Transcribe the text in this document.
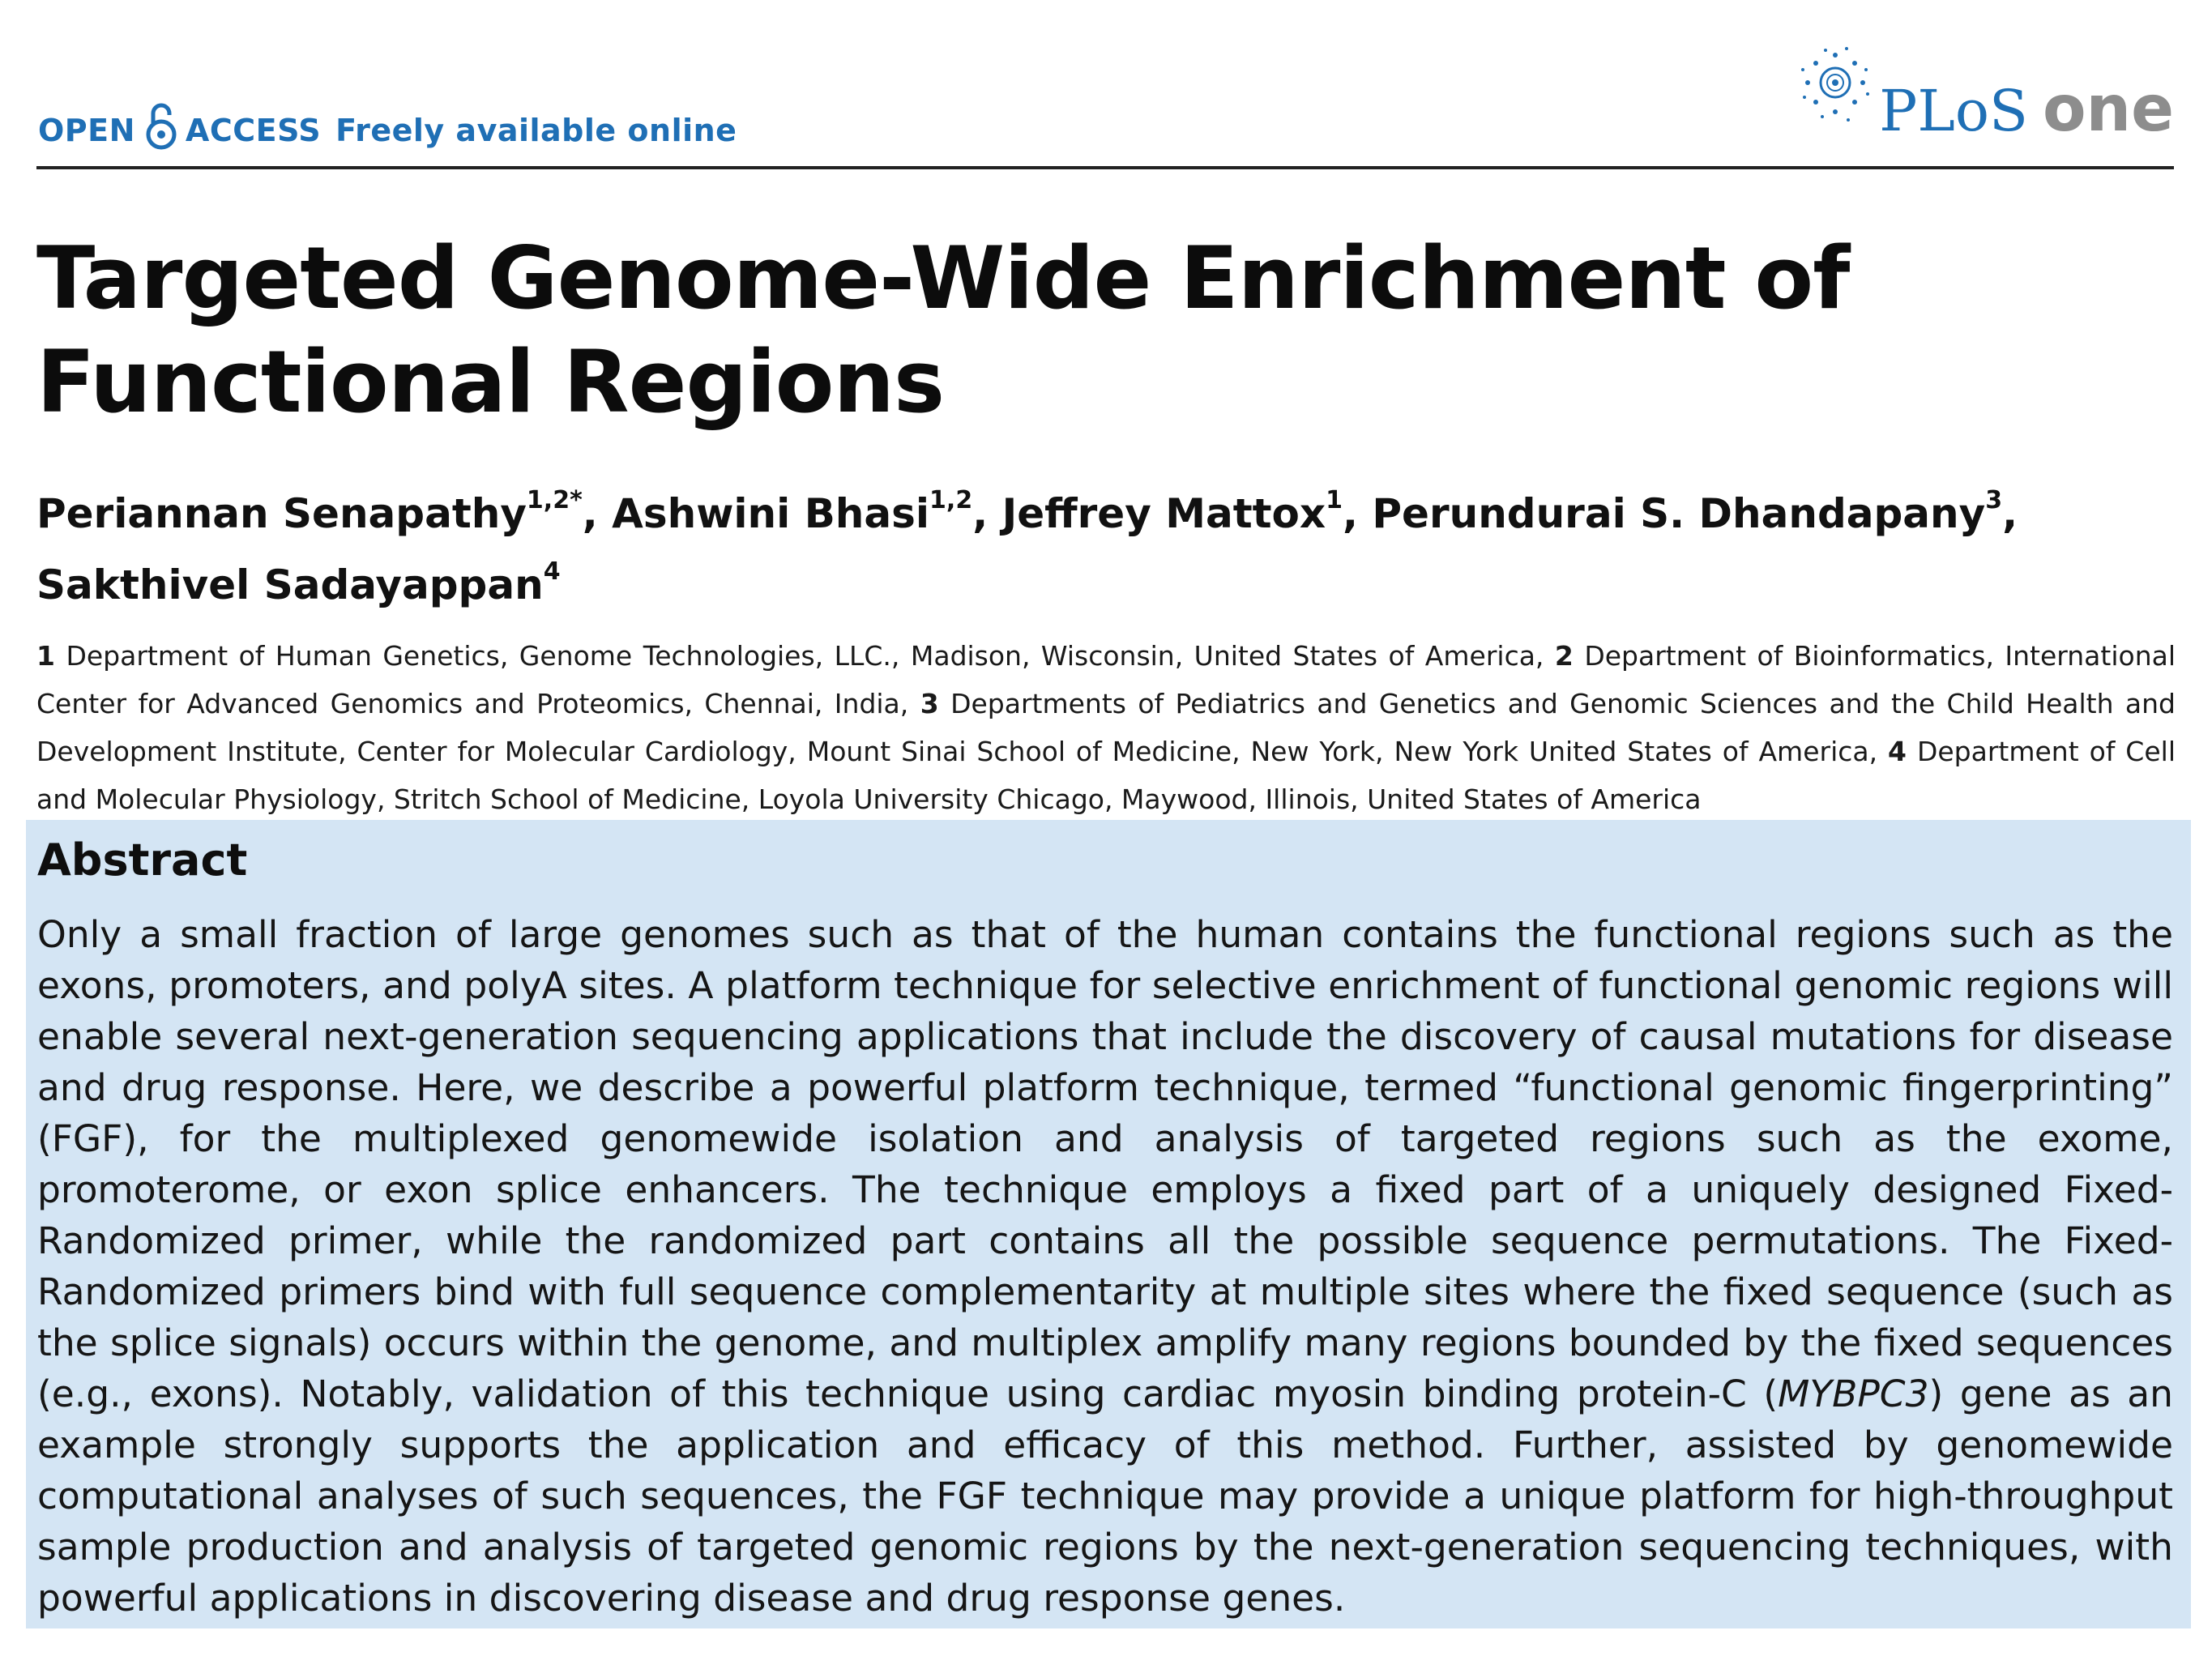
OPEN ACCESS Freely available online	PLoS one
Targeted Genome-Wide Enrichment of Functional Regions
Periannan Senapathy$^{1,2*}$, Ashwini Bhasi$^{1,2}$, Jeffrey Mattox$^1$, Perundurai S. Dhandapany$^3$,
Sakthivel Sadayappan$^4$
1 Department of Human Genetics, Genome Technologies, LLC., Madison, Wisconsin, United States of America, 2 Department of Bioinformatics, International Center for Advanced Genomics and Proteomics, Chennai, India, 3 Departments of Pediatrics and Genetics and Genomic Sciences and the Child Health and Development Institute, Center for Molecular Cardiology, Mount Sinai School of Medicine, New York, New York United States of America, 4 Department of Cell and Molecular Physiology, Stritch School of Medicine, Loyola University Chicago, Maywood, Illinois, United States of America
Abstract

Only a small fraction of large genomes such as that of the human contains the functional regions such as the exons, promoters, and polyA sites. A platform technique for selective enrichment of functional genomic regions will enable several next-generation sequencing applications that include the discovery of causal mutations for disease and drug response. Here, we describe a powerful platform technique, termed “functional genomic fingerprinting” (FGF), for the multiplexed genomewide isolation and analysis of targeted regions such as the exome, promoterome, or exon splice enhancers. The technique employs a fixed part of a uniquely designed Fixed-Randomized primer, while the randomized part contains all the possible sequence permutations. The Fixed-Randomized primers bind with full sequence complementarity at multiple sites where the fixed sequence (such as the splice signals) occurs within the genome, and multiplex amplify many regions bounded by the fixed sequences (e.g., exons). Notably, validation of this technique using cardiac myosin binding protein-C (MYBPC3) gene as an example strongly supports the application and efficacy of this method. Further, assisted by genomewide computational analyses of such sequences, the FGF technique may provide a unique platform for high-throughput sample production and analysis of targeted genomic regions by the next-generation sequencing techniques, with powerful applications in discovering disease and drug response genes.
